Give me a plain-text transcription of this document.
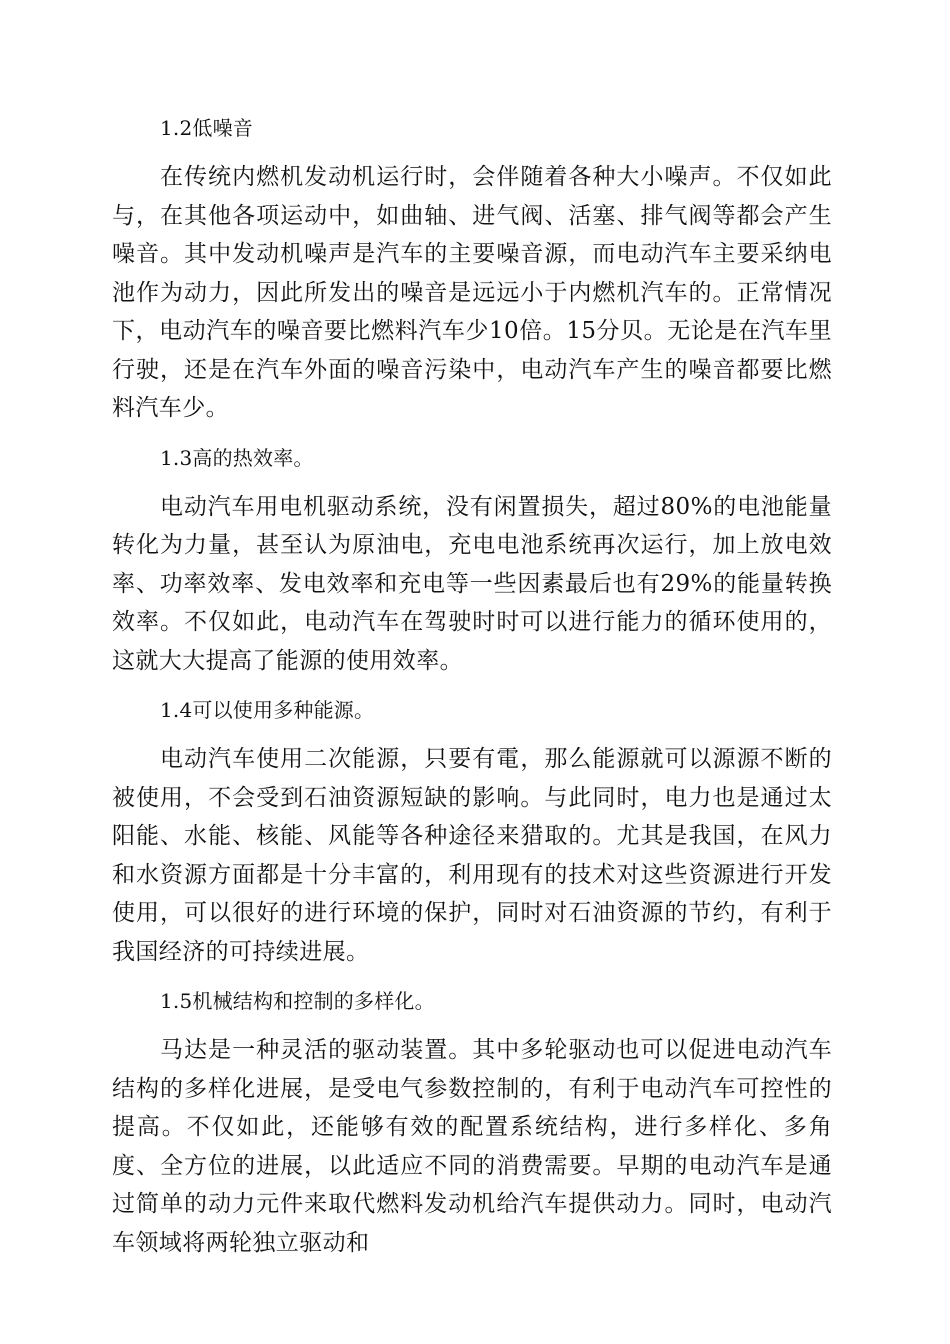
1.2低噪音

在传统内燃机发动机运行时，会伴随着各种大小噪声。不仅如此与，在其他各项运动中，如曲轴、进气阀、活塞、排气阀等都会产生噪音。其中发动机噪声是汽车的主要噪音源，而电动汽车主要采纳电池作为动力，因此所发出的噪音是远远小于内燃机汽车的。正常情况下，电动汽车的噪音要比燃料汽车少10倍。15分贝。无论是在汽车里行驶，还是在汽车外面的噪音污染中，电动汽车产生的噪音都要比燃料汽车少。

1.3高的热效率。

电动汽车用电机驱动系统，没有闲置损失，超过80%的电池能量转化为力量，甚至认为原油电，充电电池系统再次运行，加上放电效率、功率效率、发电效率和充电等一些因素最后也有29%的能量转换效率。不仅如此，电动汽车在驾驶时时可以进行能力的循环使用的，这就大大提高了能源的使用效率。

1.4可以使用多种能源。

电动汽车使用二次能源，只要有電，那么能源就可以源源不断的被使用，不会受到石油资源短缺的影响。与此同时，电力也是通过太阳能、水能、核能、风能等各种途径来猎取的。尤其是我国，在风力和水资源方面都是十分丰富的，利用现有的技术对这些资源进行开发使用，可以很好的进行环境的保护，同时对石油资源的节约，有利于我国经济的可持续进展。

1.5机械结构和控制的多样化。

马达是一种灵活的驱动装置。其中多轮驱动也可以促进电动汽车结构的多样化进展，是受电气参数控制的，有利于电动汽车可控性的提高。不仅如此，还能够有效的配置系统结构，进行多样化、多角度、全方位的进展，以此适应不同的消费需要。早期的电动汽车是通过简单的动力元件来取代燃料发动机给汽车提供动力。同时，电动汽车领域将两轮独立驱动和
